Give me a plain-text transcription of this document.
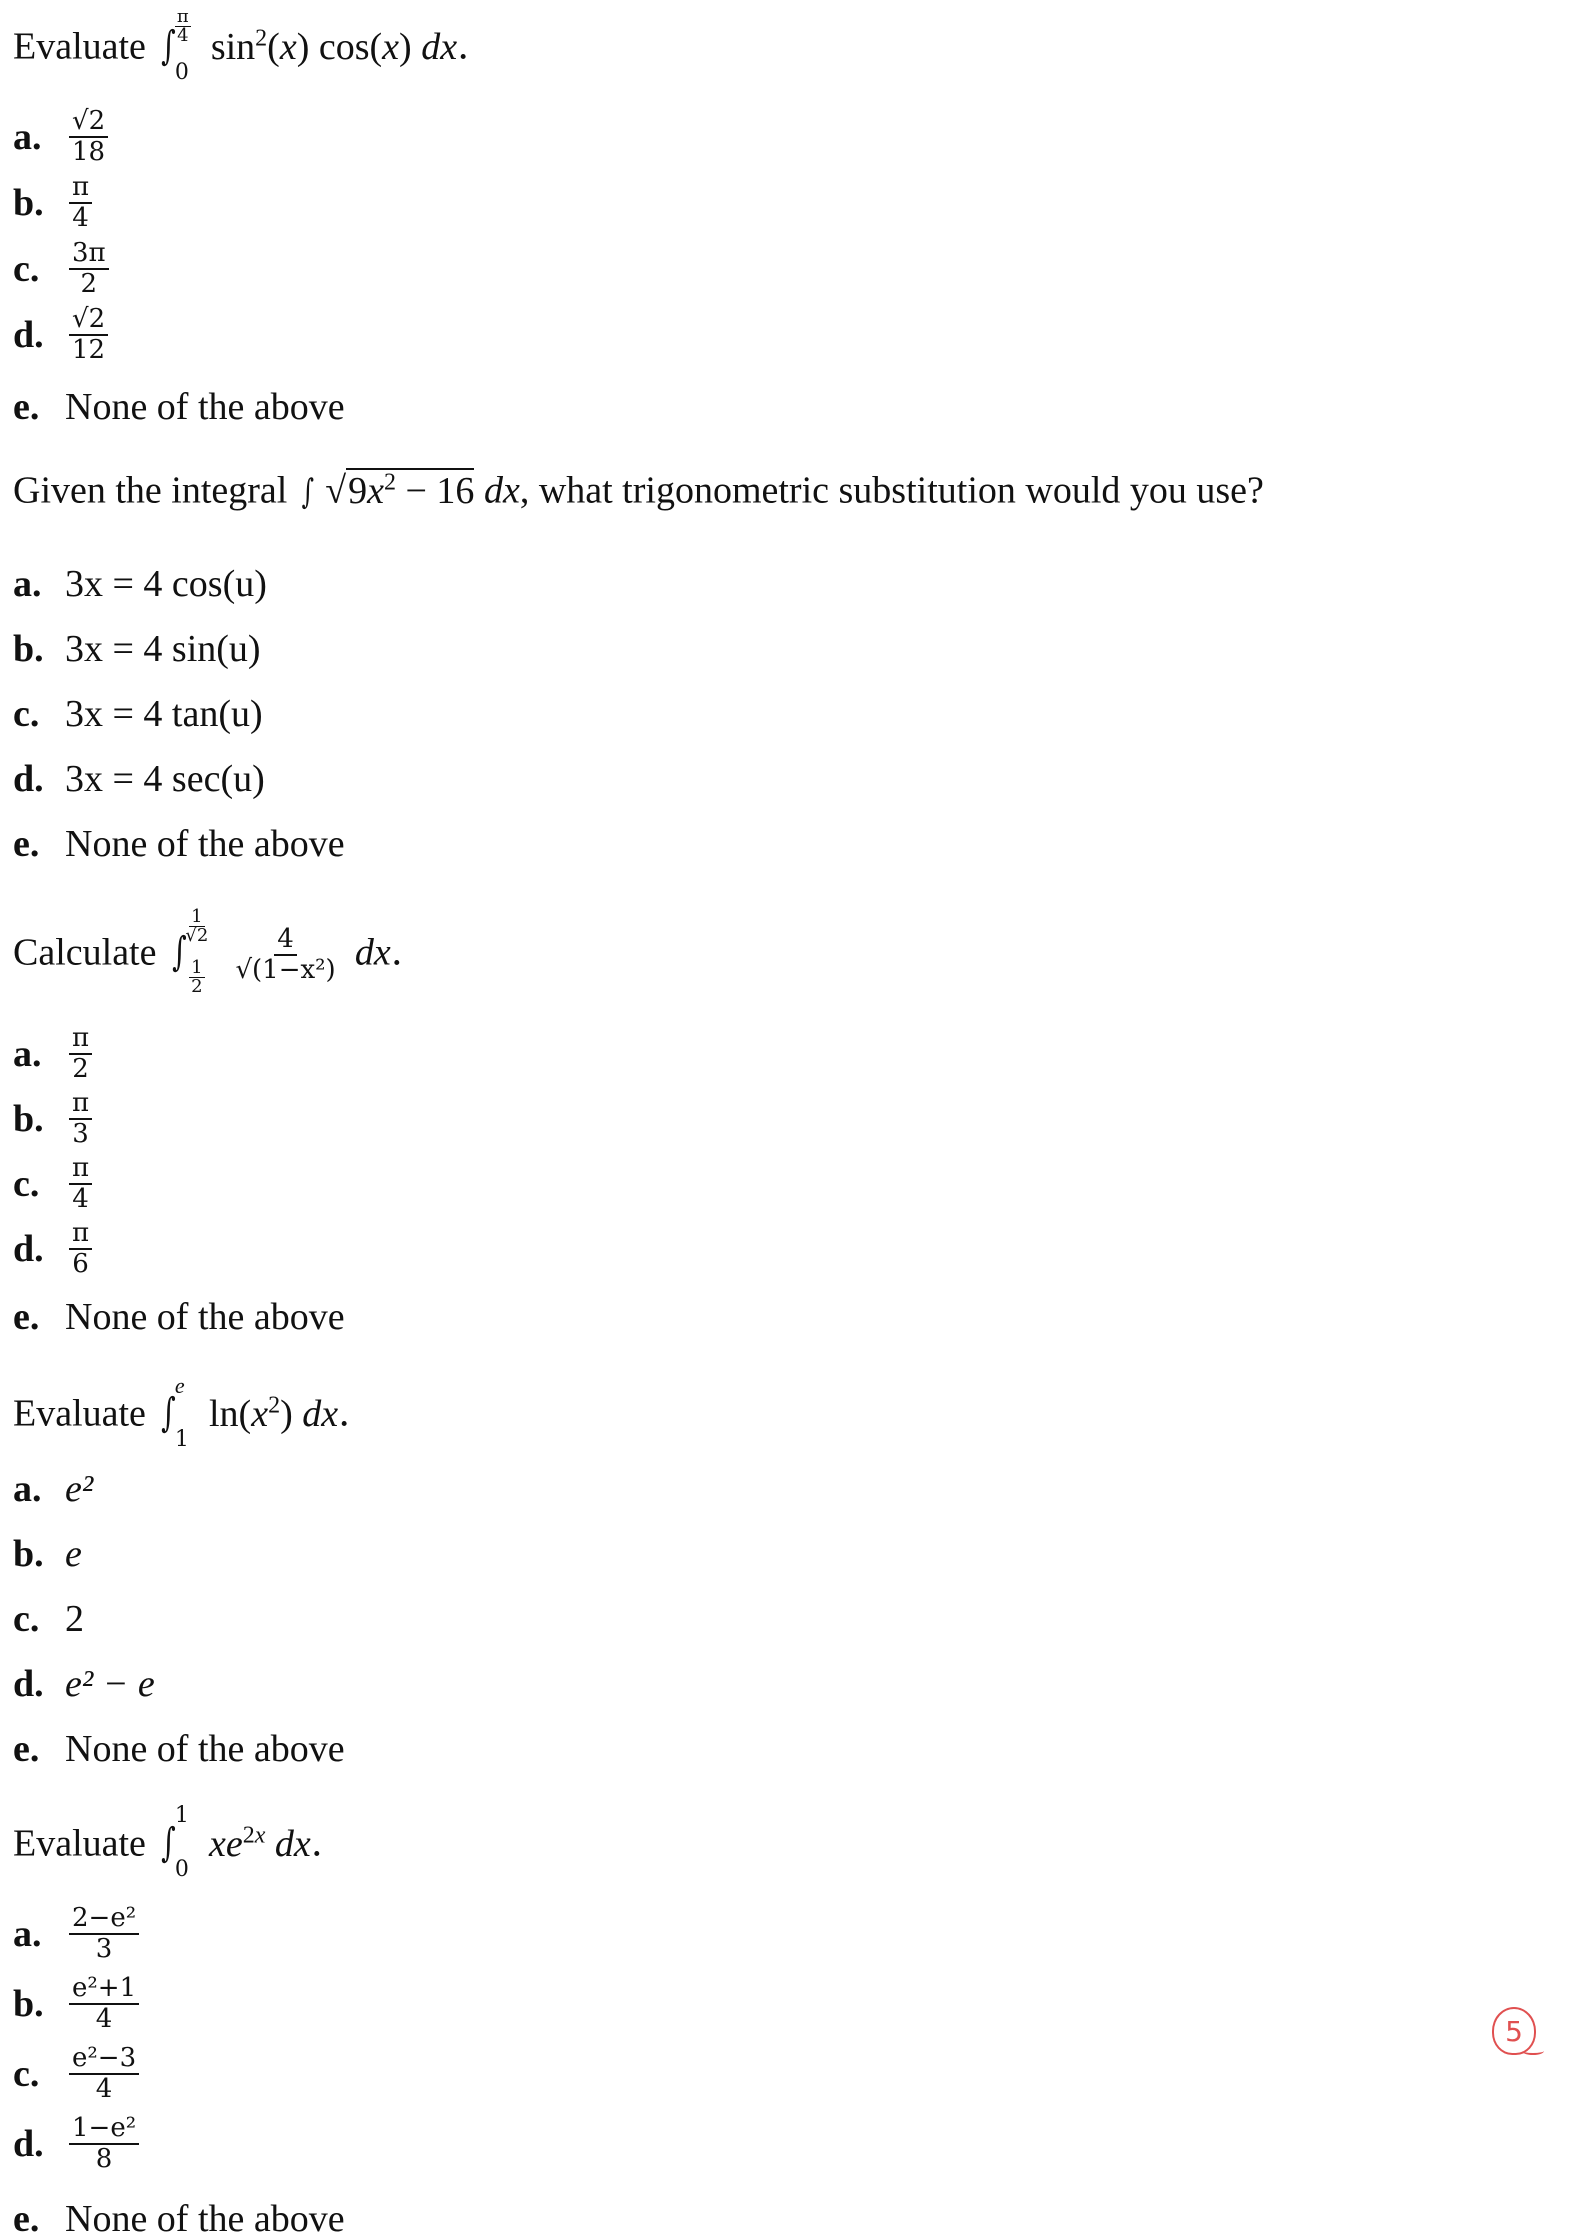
Evaluate ∫ $\frac{\pi}{4}$
0
$\sin^2(x)$ cos(x) dx.
a.	$\frac{√2}{18}$
b. $\frac{\pi}{4}$
c.	$\frac{3\pi}{2}$
d. $\frac{√2}{12}$
e. None of the above
Given the integral ∫ $√9x^2 - 16$ dx, what trigonometric substitution would you use?
a. 3x = 4 cos(u)
b. 3x = 4 sin(u)
c. 3x = 4 tan(u)
d. 3x = 4 sec(u)
e. None of the above
Calculate ∫
$\frac{1}{√2}$
$\frac{1}{2}$
$\frac{4}{\text{√(1−x²)}}$ dx.
a.	$\frac{\pi}{2}$
b. $\frac{\pi}{3}$
c.	$\frac{\pi}{4}$
d. $\frac{\pi}{6}$
e. None of the above
Evaluate ∫
e
1
$\ln(x^2)$ dx.
a. e²
b. e
c. 2
d. e² − e
e. None of the above
Evaluate ∫
1
0
$xe^{2x}$ dx.
a.	$\frac{\text{2−e²}}{3}$
b. $\frac{\text{e²+1}}{4}$
c.	$\frac{\text{e²−3}}{4}$
d. $\frac{\text{1−e²}}{8}$
e. None of the above
5
